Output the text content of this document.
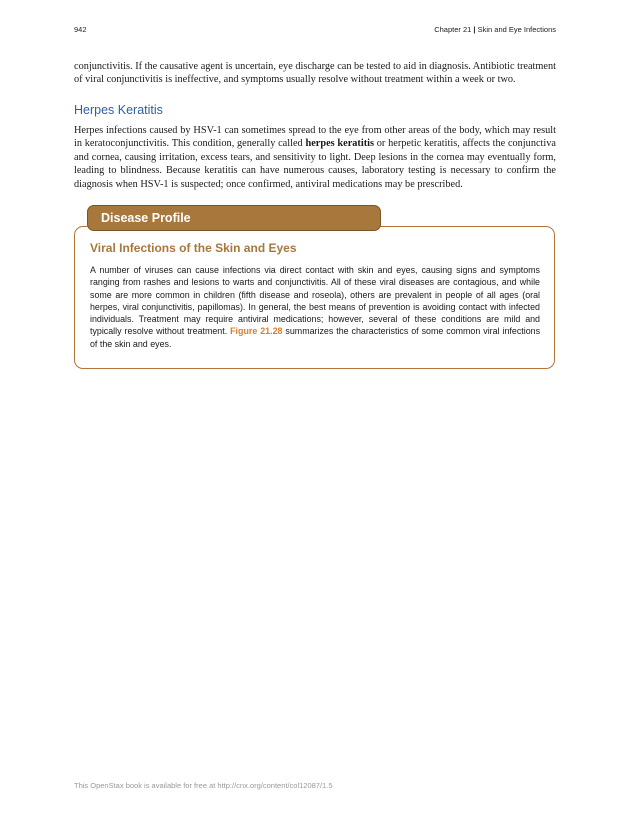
942	Chapter 21 | Skin and Eye Infections

conjunctivitis. If the causative agent is uncertain, eye discharge can be tested to aid in diagnosis. Antibiotic treatment of viral conjunctivitis is ineffective, and symptoms usually resolve without treatment within a week or two.

Herpes Keratitis

Herpes infections caused by HSV-1 can sometimes spread to the eye from other areas of the body, which may result in keratoconjunctivitis. This condition, generally called herpes keratitis or herpetic keratitis, affects the conjunctiva and cornea, causing irritation, excess tears, and sensitivity to light. Deep lesions in the cornea may eventually form, leading to blindness. Because keratitis can have numerous causes, laboratory testing is necessary to confirm the diagnosis when HSV-1 is suspected; once confirmed, antiviral medications may be prescribed.

Disease Profile
Viral Infections of the Skin and Eyes

A number of viruses can cause infections via direct contact with skin and eyes, causing signs and symptoms ranging from rashes and lesions to warts and conjunctivitis. All of these viral diseases are contagious, and while some are more common in children (fifth disease and roseola), others are prevalent in people of all ages (oral herpes, viral conjunctivitis, papillomas). In general, the best means of prevention is avoiding contact with infected individuals. Treatment may require antiviral medications; however, several of these conditions are mild and typically resolve without treatment. Figure 21.28 summarizes the characteristics of some common viral infections of the skin and eyes.

This OpenStax book is available for free at http://cnx.org/content/col12087/1.5
